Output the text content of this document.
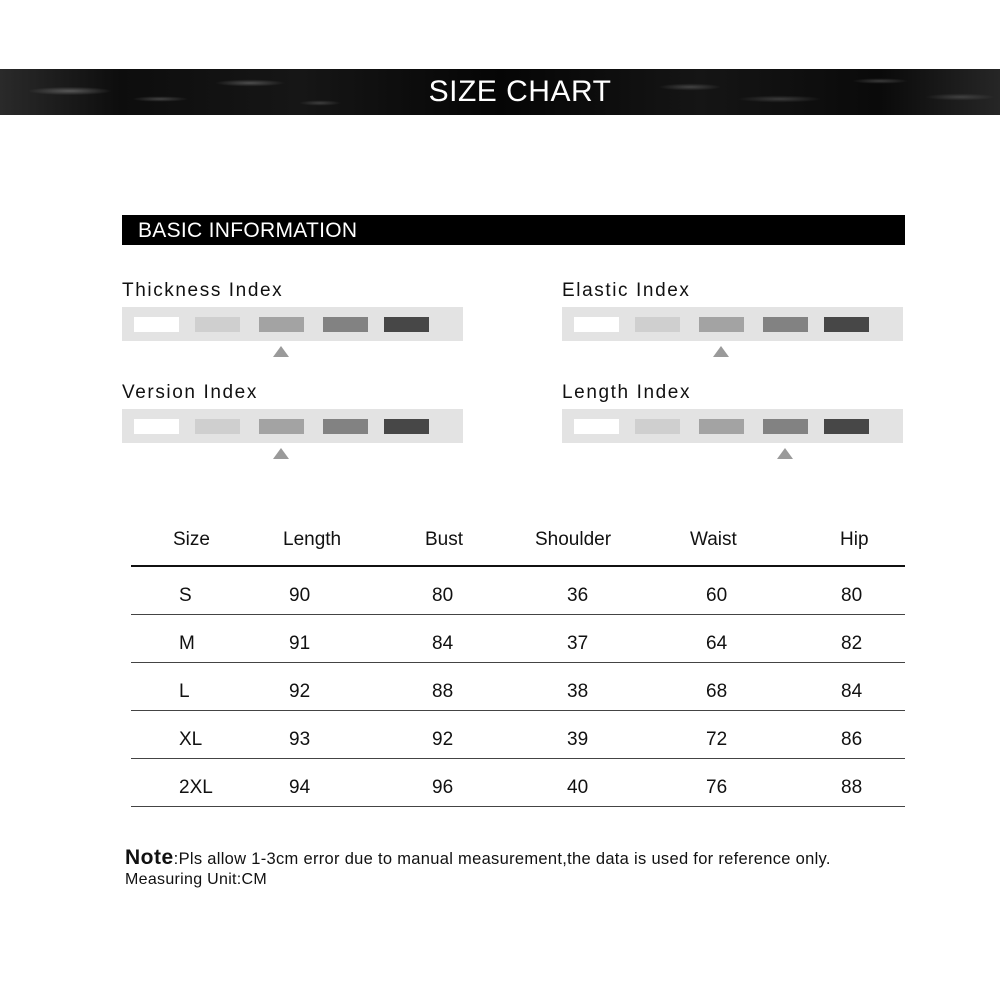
SIZE CHART
BASIC INFORMATION
Thickness Index	Elastic Index
Version Index	Length Index
Size	Length	Bust	Shoulder	Waist	Hip
S	90	80	36	60	80
M	91	84	37	64	82
L	92	88	38	68	84
XL	93	92	39	72	86
2XL	94	96	40	76	88
Note:Pls allow 1-3cm error due to manual measurement,the data is used for reference only.
Measuring Unit:CM
